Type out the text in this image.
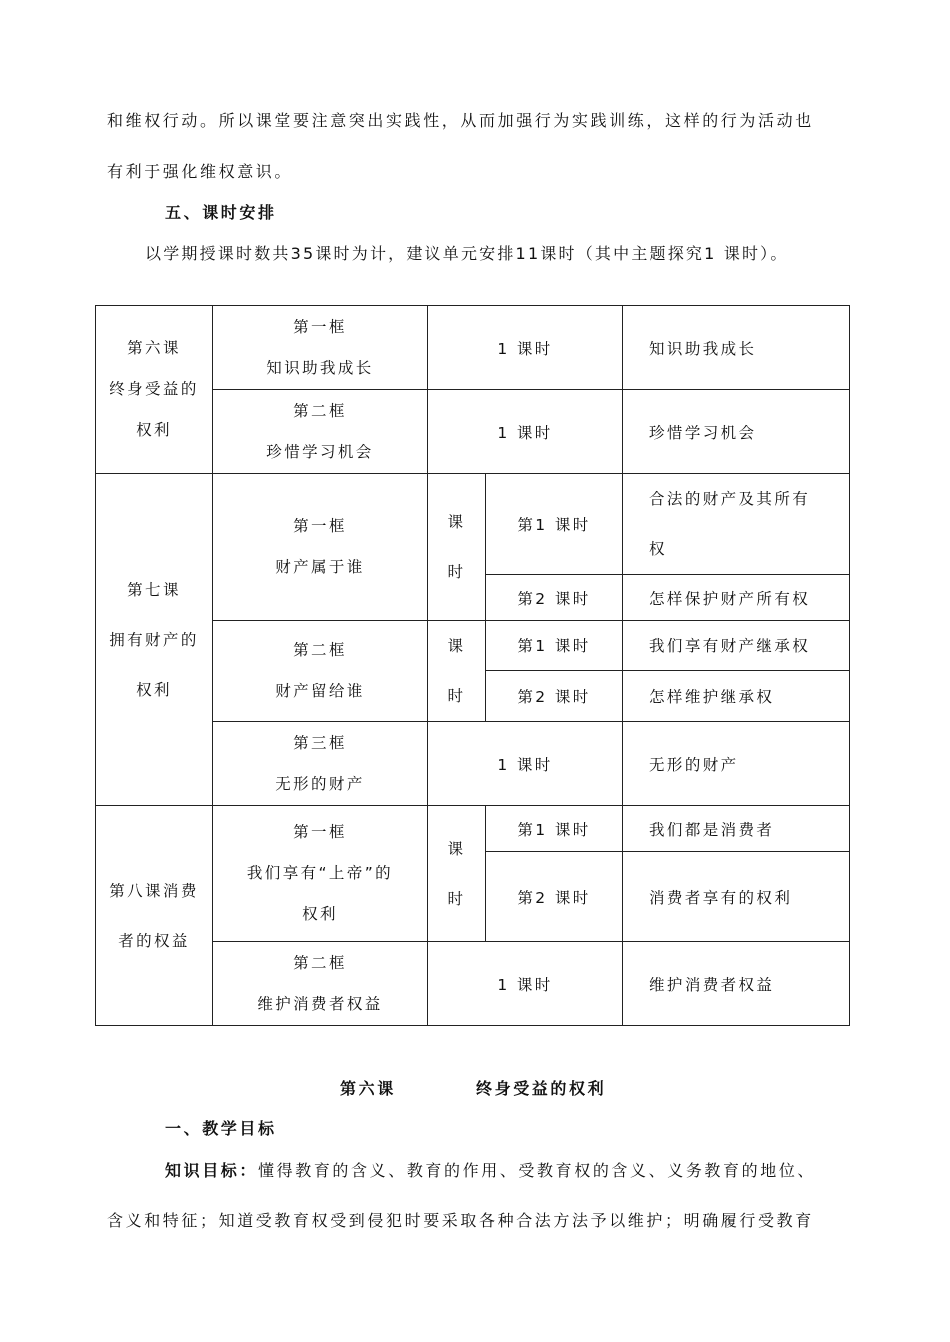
和维权行动。所以课堂要注意突出实践性，从而加强行为实践训练，这样的行为活动也
有利于强化维权意识。
五、课时安排
以学期授课时数共35课时为计，建议单元安排11课时（其中主题探究1 课时）。
第六课
终身受益的
权利	第一框
知识助我成长	1 课时		知识助我成长

	第二框
珍惜学习机会	1 课时		珍惜学习机会

第七课
拥有财产的
权利	第一框
财产属于谁	课
时	第1 课时	合法的财产及其所有
权

			第2 课时	怎样保护财产所有权

	第二框
财产留给谁	课
时	第1 课时	我们享有财产继承权
			第2 课时	怎样维护继承权

	第三框
无形的财产	1 课时		无形的财产

第八课消费
者的权益	第一框
我们享有“上帝”的
权利	课
时	第1 课时	我们都是消费者
			第2 课时	消费者享有的权利

	第二框
维护消费者权益	1 课时		维护消费者权益
第六课	终身受益的权利
一、教学目标
知识目标：懂得教育的含义、教育的作用、受教育权的含义、义务教育的地位、
含义和特征；知道受教育权受到侵犯时要采取各种合法方法予以维护；明确履行受教育
